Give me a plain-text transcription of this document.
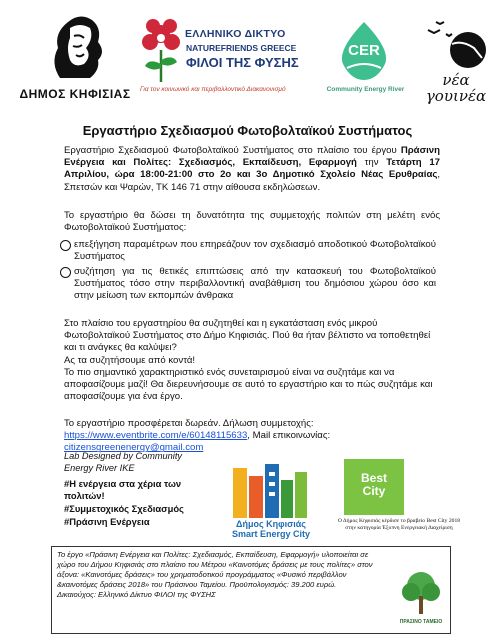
ΔΗΜΟΣ ΚΗΦΙΣΙΑΣ
ΕΛΛΗΝΙΚΟ ΔΙΚΤΥΟ
NATUREFRIENDS GREECE
ΦΙΛΟΙ ΤΗΣ ΦΥΣΗΣ
Για τον κοινωνικό και περιβαλλοντικό Διακανονισμό
CER
Community Energy River
νέα
γουινέα
Εργαστήριο Σχεδιασμού Φωτοβολταϊκού Συστήματος
Εργαστήριο Σχεδιασμού Φωτοβολταϊκού Συστήματος στο πλαίσιο του έργου Πράσινη Ενέργεια και Πολίτες: Σχεδιασμός, Εκπαίδευση, Εφαρμογή την Τετάρτη 17 Απριλίου, ώρα 18:00-21:00 στο 2ο και 3ο Δημοτικό Σχολείο Νέας Ερυθραίας, Σπετσών και Ψαρών, ΤΚ 146 71 στην αίθουσα εκδηλώσεων.
Το εργαστήριο θα δώσει τη δυνατότητα της συμμετοχής πολιτών στη μελέτη ενός Φωτοβολταϊκού Συστήματος:
επεξήγηση παραμέτρων που επηρεάζουν τον σχεδιασμό αποδοτικού Φωτοβολταϊκού Συστήματος
συζήτηση για τις θετικές επιπτώσεις από την κατασκευή του Φωτοβολταϊκού Συστήματος τόσο στην περιβαλλοντική αναβάθμιση του δημόσιου χώρου όσο και στην μείωση των εκπομπών άνθρακα
Στο πλαίσιο του εργαστηρίου θα συζητηθεί και η εγκατάσταση ενός μικρού Φωτοβολταϊκού Συστήματος στο Δήμο Κηφισιάς. Πού θα ήταν βέλτιστο να τοποθετηθεί και τι ανάγκες θα καλύψει?
Ας τα συζητήσουμε από κοντά!
Το πιο σημαντικό χαρακτηριστικό ενός συνεταιρισμού είναι να συζητάμε και να αποφασίζουμε μαζί! Θα διερευνήσουμε σε αυτό το εργαστήριο και το πώς συζητάμε και αποφασίζουμε για ένα έργο.
Το εργαστήριο προσφέρεται δωρεάν. Δήλωση συμμετοχής: https://www.eventbrite.com/e/60148115633, Mail επικοινωνίας: citizensgreenenergy@gmail.com
Lab Designed by Community Energy River IKE
#Η ενέργεια στα χέρια των πολιτών!
#Συμμετοχικός Σχεδιασμός
#Πράσινη Ενέργεια	Δήμος Κηφισιάς
Smart Energy City
Best
City
Ο Δήμος Κηφισιάς κέρδισε το βραβείο Best City 2018 στην κατηγορία Έξυπνη Ενεργειακή Διαχείριση
Το έργο «Πράσινη Ενέργεια και Πολίτες: Σχεδιασμός, Εκπαίδευση, Εφαρμογή» υλοποιείται σε χώρο του Δήμου Κηφισιάς στο πλαίσιο του Μέτρου «Καινοτόμες δράσεις με τους πολίτες» στον άξονα: «Καινοτόμες δράσεις» του χρηματοδοτικού προγράμματος «Φυσικό περιβάλλον &καινοτόμες δράσεις 2018» του Πράσινου Ταμείου. Προϋπολογισμός: 39.200 ευρώ.
Δικαιούχος: Ελληνικό Δίκτυο ΦΙΛΟΙ της ΦΥΣΗΣ
ΠΡΑΣΙΝΟ ΤΑΜΕΙΟ
